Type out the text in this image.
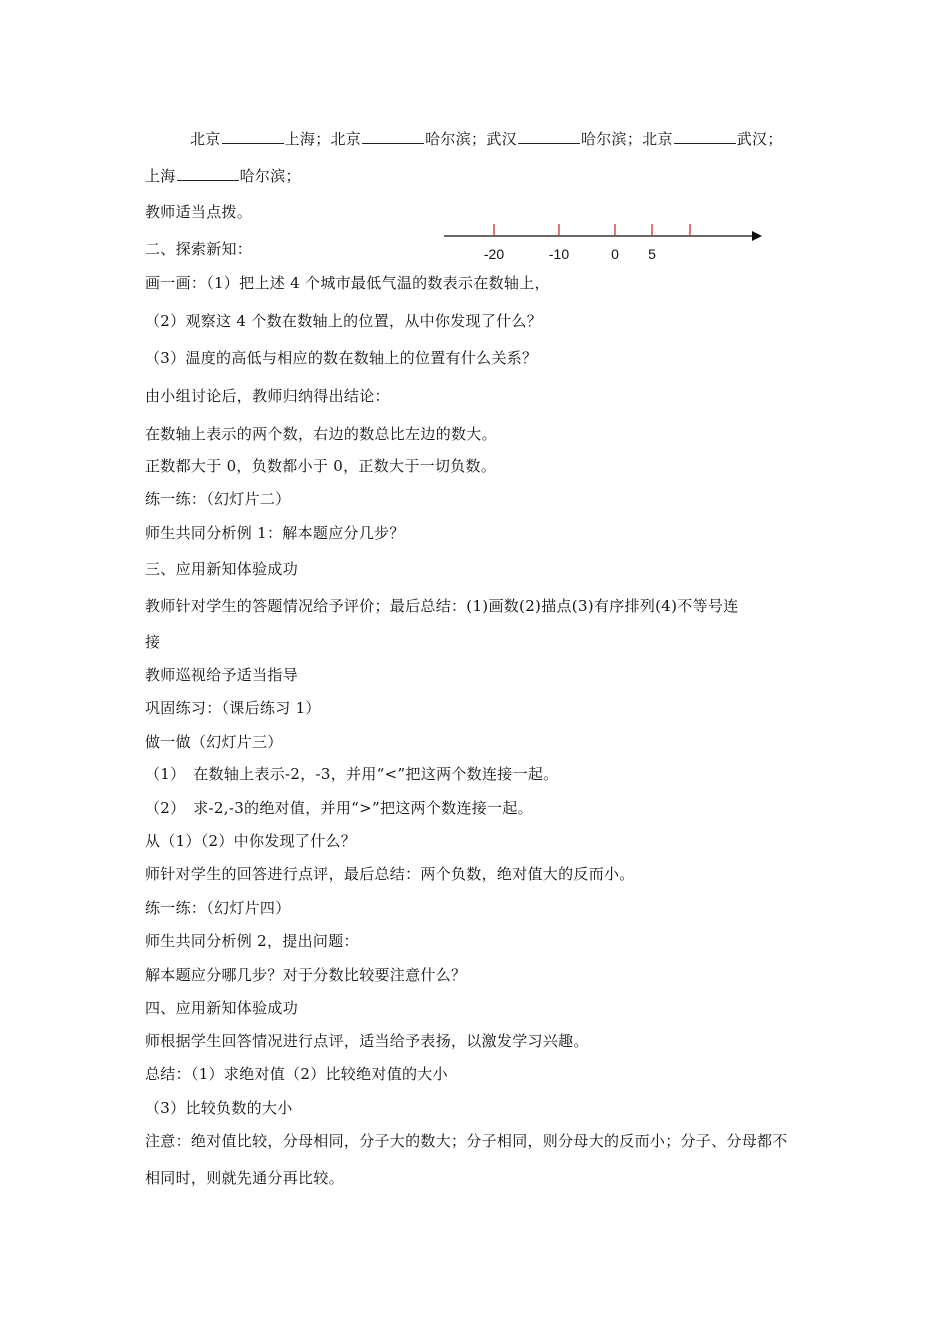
北京	上海；北京	哈尔滨；武汉	哈尔滨；北京	武汉；
上海	哈尔滨；
教师适当点拨。
二、探索新知：	-20	-10	0 5
画一画：（1）把上述 4 个城市最低气温的数表示在数轴上，
（2）观察这 4 个数在数轴上的位置，从中你发现了什么？
（3）温度的高低与相应的数在数轴上的位置有什么关系？
由小组讨论后，教师归纳得出结论：
在数轴上表示的两个数，右边的数总比左边的数大。
正数都大于 0，负数都小于 0，正数大于一切负数。
练一练：（幻灯片二）
师生共同分析例 1：解本题应分几步？
三、应用新知体验成功
教师针对学生的答题情况给予评价；最后总结：(1)画数(2)描点(3)有序排列(4)不等号连
接
教师巡视给予适当指导
巩固练习：（课后练习 1）
做一做（幻灯片三）
（1）　在数轴上表示-2，-3，并用“<”把这两个数连接一起。
（2）　求-2,-3的绝对值，并用“>”把这两个数连接一起。
从（1）（2）中你发现了什么？
师针对学生的回答进行点评，最后总结：两个负数，绝对值大的反而小。
练一练：（幻灯片四）
师生共同分析例 2，提出问题：
解本题应分哪几步？对于分数比较要注意什么？
四、应用新知体验成功
师根据学生回答情况进行点评，适当给予表扬，以激发学习兴趣。
总结：（1）求绝对值（2）比较绝对值的大小
（3）比较负数的大小
注意：绝对值比较，分母相同，分子大的数大；分子相同，则分母大的反而小；分子、分母都不
相同时，则就先通分再比较。
